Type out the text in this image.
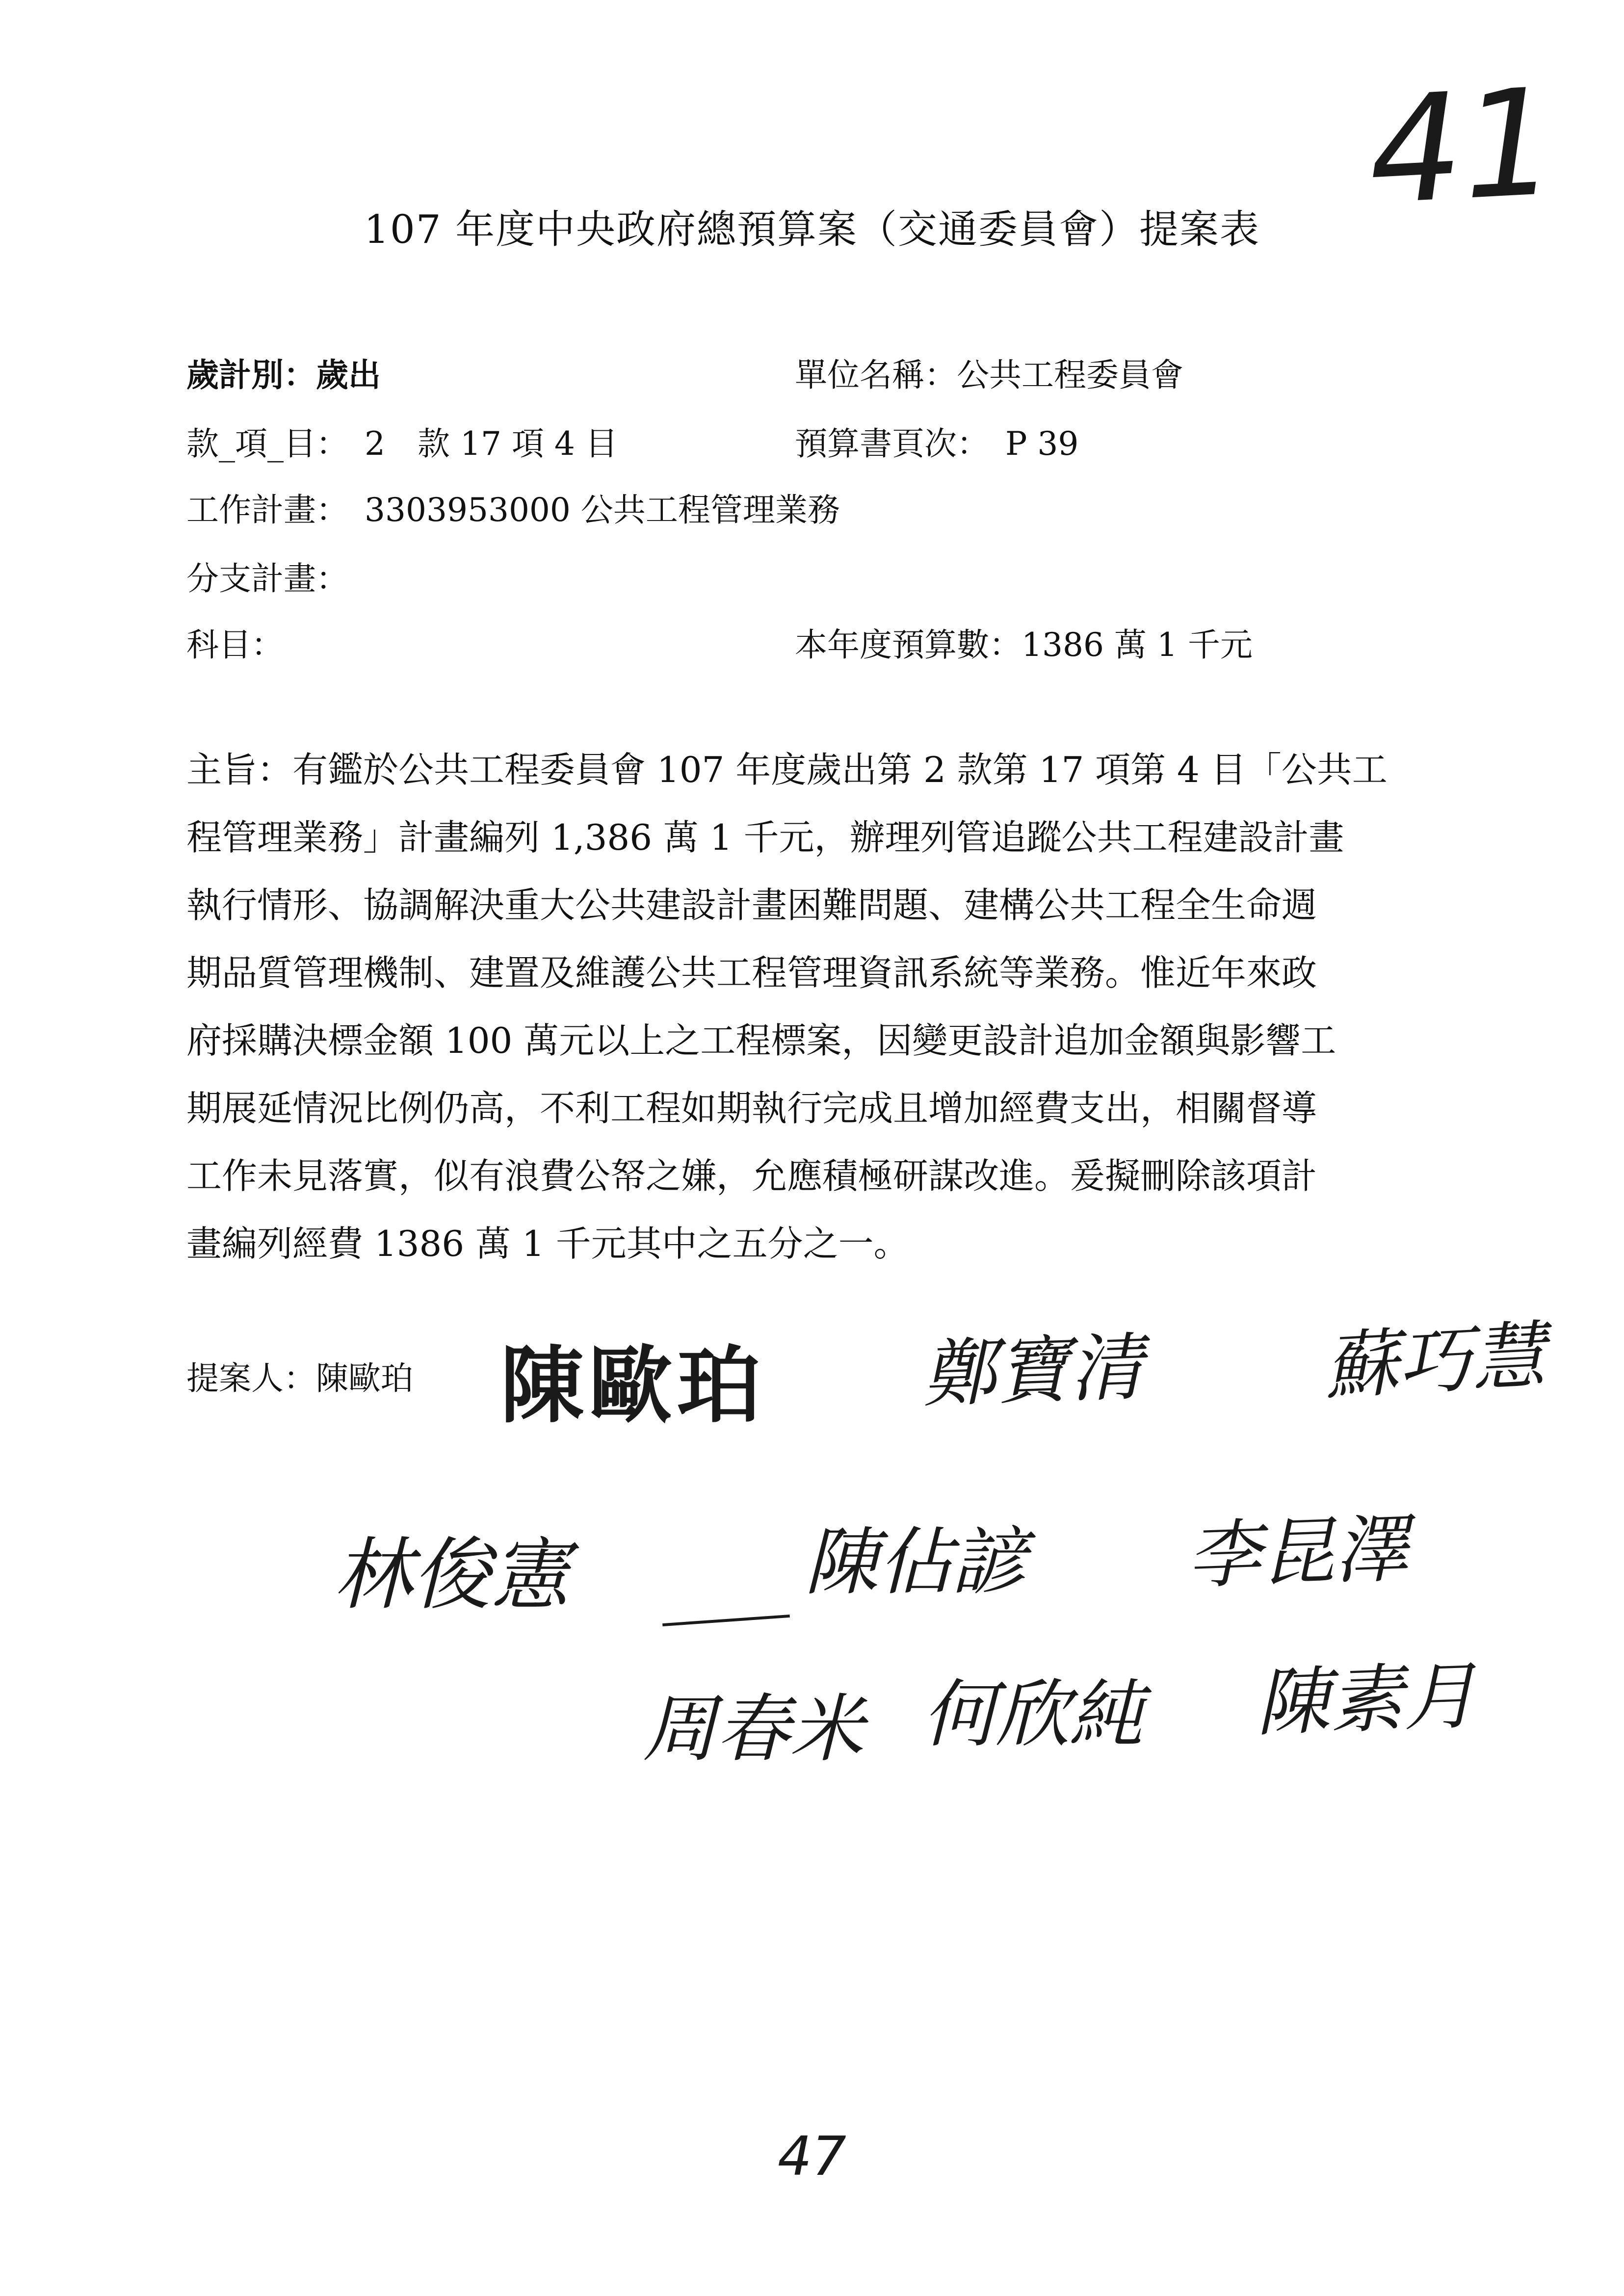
41
107 年度中央政府總預算案（交通委員會）提案表
歲計別：歲出	單位名稱：公共工程委員會
款_項_目：　2　款 17 項 4 目	預算書頁次：　P 39
工作計畫：　3303953000 公共工程管理業務
分支計畫：
科目：	本年度預算數：1386 萬 1 千元
主旨：有鑑於公共工程委員會 107 年度歲出第 2 款第 17 項第 4 目「公共工
程管理業務」計畫編列 1,386 萬 1 千元，辦理列管追蹤公共工程建設計畫
執行情形、協調解決重大公共建設計畫困難問題、建構公共工程全生命週
期品質管理機制、建置及維護公共工程管理資訊系統等業務。惟近年來政
府採購決標金額 100 萬元以上之工程標案，因變更設計追加金額與影響工
期展延情況比例仍高，不利工程如期執行完成且增加經費支出，相關督導
工作未見落實，似有浪費公帑之嫌，允應積極研謀改進。爰擬刪除該項計
畫編列經費 1386 萬 1 千元其中之五分之一。
提案人：陳歐珀 陳歐珀 鄭寶清 蘇巧慧
林俊憲	陳佔諺 李昆澤
周春米 何欣純 陳素月
47
